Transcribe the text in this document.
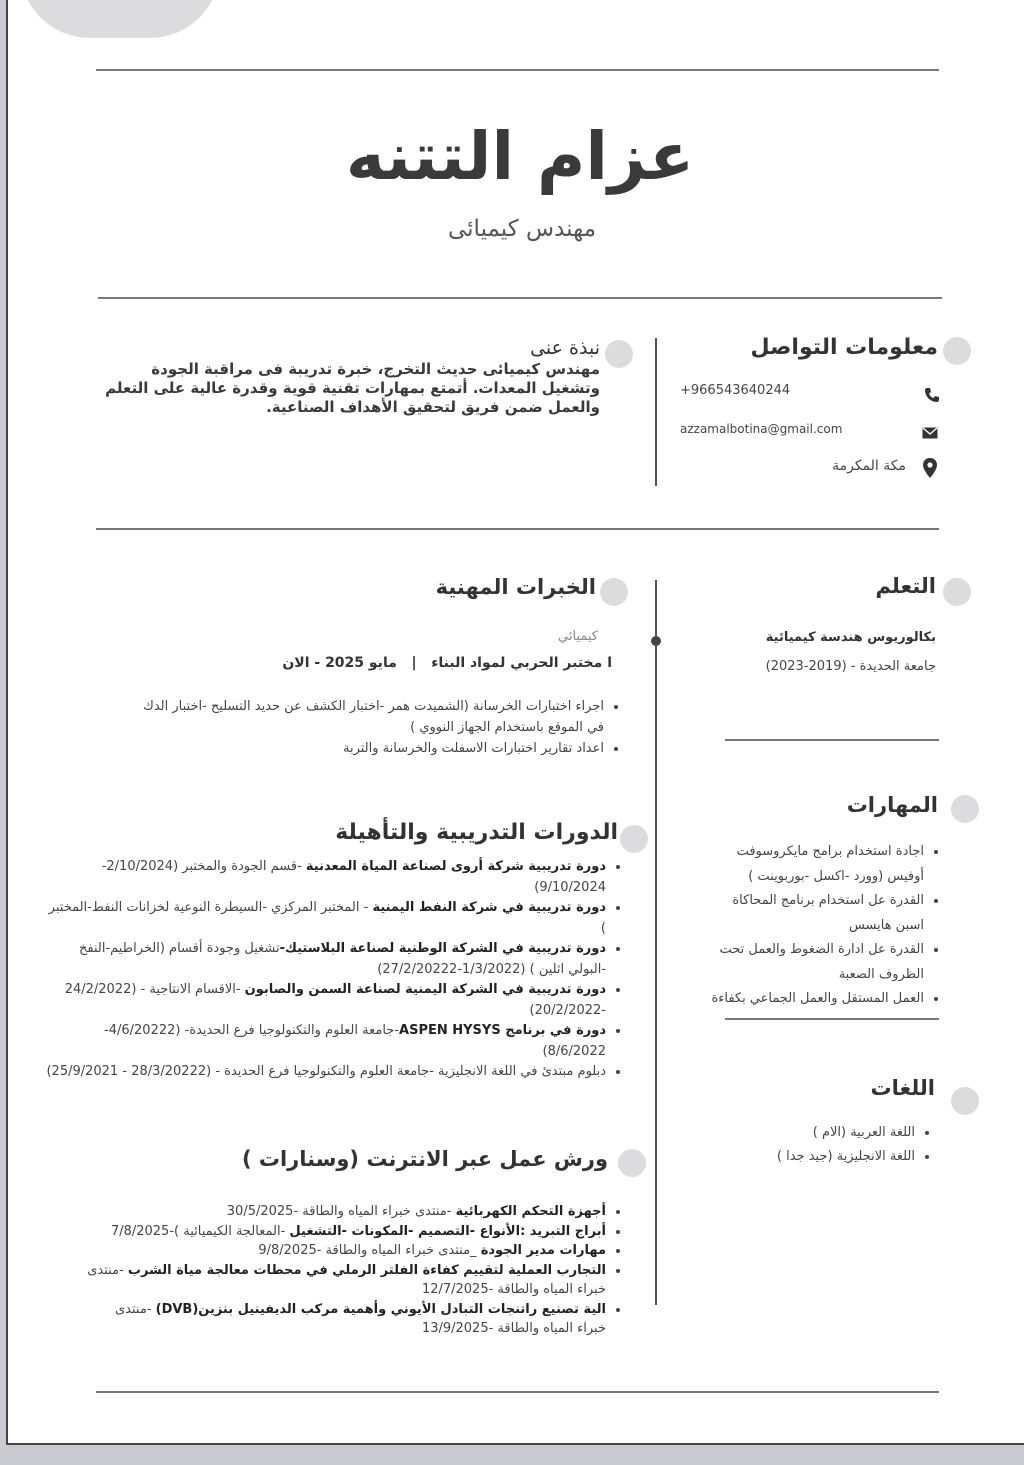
عزام التتنه
مهندس كيميائى
نبذة عنى
مهندس كيميائى حديث التخرج، خبرة تدريبة فى مراقبة الجودة وتشغيل المعدات. أتمتع بمهارات تقنية قوية وقدرة عالية على التعلم والعمل ضمن فريق لتحقيق الأهداف الصناعية.
معلومات التواصل
+966543640244
azzamalbotina@gmail.com
مكة المكرمة
الخبرات المهنية
كيميائي
ا مختبر الحربي لمواد البناء   |   مايو 2025 - الان
• اجراء اختبارات الخرسانة (الشميدت همر -اختبار الكشف عن حديد التسليح -اختبار الدك في الموقع باستخدام الجهاز النووي )
• اعداد تقارير اختبارات الاسفلت والخرسانة والتربة
التعلم
بكالوريوس هندسة كيميائية
جامعة الحديدة - (2019-2023)
المهارات
• اجادة استخدام برامج مايكروسوفت أوفيس (وورد -اكسل -بوربوينت )
• القدرة عل استخدام برنامج المحاكاة اسبن هايسس
• القدرة عل ادارة الضغوط والعمل تحت الظروف الصعبة
• العمل المستقل والعمل الجماعي بكفاءة
اللغات
• اللغة العربية (الام )
• اللغة الانجليزية (جيد جدا )
الدورات التدريبية والتأهيلة
• دورة تدريبية شركة أروى لصناعة المياة المعدنية -قسم الجودة والمختبر (2/10/2024-9/10/2024)
• دورة تدريبية في شركة النفط اليمنية - المختبر المركزي -السيطرة النوعية لخزانات النفط-المختبر )
• دورة تدريبية في الشركة الوطنية لصناعة البلاستيك-تشغيل وجودة أقسام (الخراطيم-النفخ -البولي اثلين ) (1/3/2022-27/2/20222)
• دورة تدريبية في الشركة اليمنية لصناعة السمن والصابون -الاقسام الانتاجية - (24/2/2022 -20/2/2022)
• دورة في برنامج ASPEN HYSYS-جامعة العلوم والتكنولوجيا فرع الحديدة- (4/6/20222-8/6/2022)
• دبلوم مبتدئ في اللغة الانجليزية -جامعة العلوم والتكنولوجيا فرع الحديدة - (28/3/20222 - 25/9/2021)
ورش عمل عبر الانترنت (وسنارات )
• أجهزة التحكم الكهربائية -منتدى خبراء المياه والطاقة -30/5/2025
• أبراج التبريد :الأنواع -التصميم -المكونات -التشغيل -المعالجة الكيميائية )-7/8/2025
• مهارات مدير الجودة _منتدى خبراء المياه والطاقة -9/8/2025
• التجارب العملية لتقييم كفاءة الفلتر الرملي في محطات معالجة مياة الشرب -منتدى خبراء المياه والطاقة -12/7/2025
• الية تصنيع راتنجات التبادل الأيوني وأهمية مركب الديفينيل بنزين(DVB) -منتدى خبراء المياه والطاقة -13/9/2025
